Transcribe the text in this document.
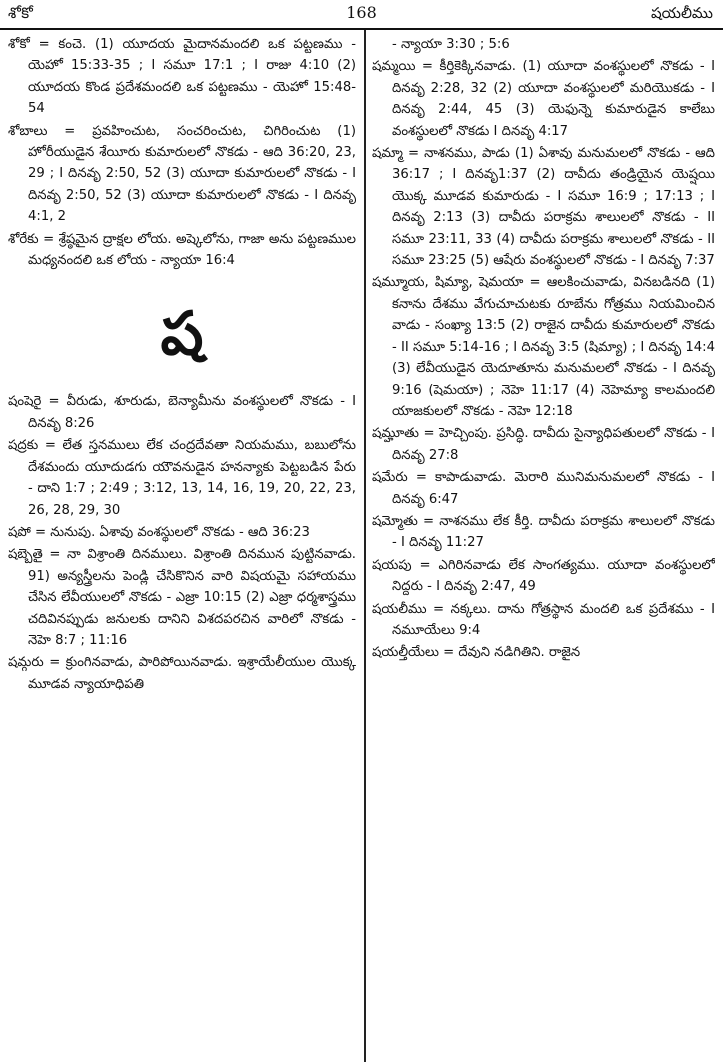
శోకో	168	షయలీము

శోకో = కంచె. (1) యూదయ మైదానమందలి ఒక పట్టణము - యెహో 15:33-35 ; I సమూ 17:1 ; I రాజు 4:10 (2) యూదయ కొండ ప్రదేశమందలి ఒక పట్టణము - యెహో 15:48-54

శోబాలు = ప్రవహించుట, సంచరించుట, చిగిరించుట (1) హోరీయుడైన శేయీరు కుమారులలో నొకడు - ఆది 36:20, 23, 29 ; I దినవృ 2:50, 52 (3) యూదా కుమారులలో నొకడు - I దినవృ 2:50, 52 (3) యూదా కుమారులలో నొకడు - I దినవృ 4:1, 2

శోరేకు = శ్రేష్ఠమైన ద్రాక్షల లోయ. అష్కెలోను, గాజా అను పట్టణముల మధ్యనందలి ఒక లోయ - న్యాయా 16:4

ష

షంషెరై = వీరుడు, శూరుడు, బెన్యామీను వంశస్థులలో నొకడు - I దినవృ 8:26

షద్రకు = లేత స్తనములు లేక చంద్రదేవతా నియమము, బబులోను దేశమందు యూదుడగు యౌవనుడైన హనన్యాకు పెట్టబడిన పేరు - దాని 1:7 ; 2:49 ; 3:12, 13, 14, 16, 19, 20, 22, 23, 26, 28, 29, 30

షపో = నునుపు. ఏశావు వంశస్థులలో నొకడు - ఆది 36:23

షబ్బెతై = నా విశ్రాంతి దినములు. విశ్రాంతి దినమున పుట్టినవాడు. 91) అన్యస్త్రీలను పెండ్లి చేసికొనిన వారి విషయమై సహాయము చేసిన లేవీయులలో నొకడు - ఎజ్రా 10:15 (2) ఎజ్రా ధర్మశాస్త్రము చదివినప్పుడు జనులకు దానిని విశదపరచిన వారిలో నొకడు - నెహె 8:7 ; 11:16

షమ్గరు = క్రుంగినవాడు, పారిపోయినవాడు. ఇశ్రాయేలీయుల యొక్క మూడవ న్యాయాధిపతి

- న్యాయా 3:30 ; 5:6

షమ్మయి = కీర్తికెక్కినవాడు. (1) యూదా వంశస్థులలో నొకడు - I దినవృ 2:28, 32 (2) యూదా వంశస్థులలో మరియొకడు - I దినవృ 2:44, 45 (3) యెఫున్నె కుమారుడైన కాలేబు వంశస్థులలో నొకడు I దినవృ 4:17

షమ్మా = నాశనము, పాడు (1) ఏశావు మనుమలలో నొకడు - ఆది 36:17 ; I దినవృ1:37 (2) దావీదు తండ్రియైన యెష్షయి యొక్క మూడవ కుమారుడు - I సమూ 16:9 ; 17:13 ; I దినవృ 2:13 (3) దావీదు పరాక్రమ శాలులలో నొకడు - II సమూ 23:11, 33 (4) దావీదు పరాక్రమ శాలులలో నొకడు - II సమూ 23:25 (5) ఆషేరు వంశస్థులలో నొకడు - I దినవృ 7:37

షమ్మూయ, షిమ్యా, షెమయా = ఆలకించువాడు, వినబడినది (1) కనాను దేశము వేగుచూచుటకు రూబేను గోత్రము నియమించిన వాడు - సంఖ్యా 13:5 (2) రాజైన దావీదు కుమారులలో నొకడు - II సమూ 5:14-16 ; I దినవృ 3:5 (షిమ్యా) ; I దినవృ 14:4 (3) లేవీయుడైన యెదూతూను మనుమలలో నొకడు - I దినవృ 9:16 (షెమయా) ; నెహె 11:17 (4) నెహెమ్యా కాలమందలి యాజకులలో నొకడు - నెహె 12:18

షమ్హూతు = హెచ్చింపు. ప్రసిద్ధి. దావీదు సైన్యాధిపతులలో నొకడు - I దినవృ 27:8

షమేరు = కాపాడువాడు. మెరారి మునిమనుమలలో నొకడు - I దినవృ 6:47

షమ్మోతు = నాశనము లేక కీర్తి. దావీదు పరాక్రమ శాలులలో నొకడు - I దినవృ 11:27

షయపు = ఎగిరినవాడు లేక సాంగత్యము. యూదా వంశస్థులలో నిద్దరు - I దినవృ 2:47, 49

షయలీము = నక్కలు. దాను గోత్రస్థాన మందలి ఒక ప్రదేశము - I నమూయేలు 9:4

షయల్తీయేలు = దేవుని నడిగితిని. రాజైన
